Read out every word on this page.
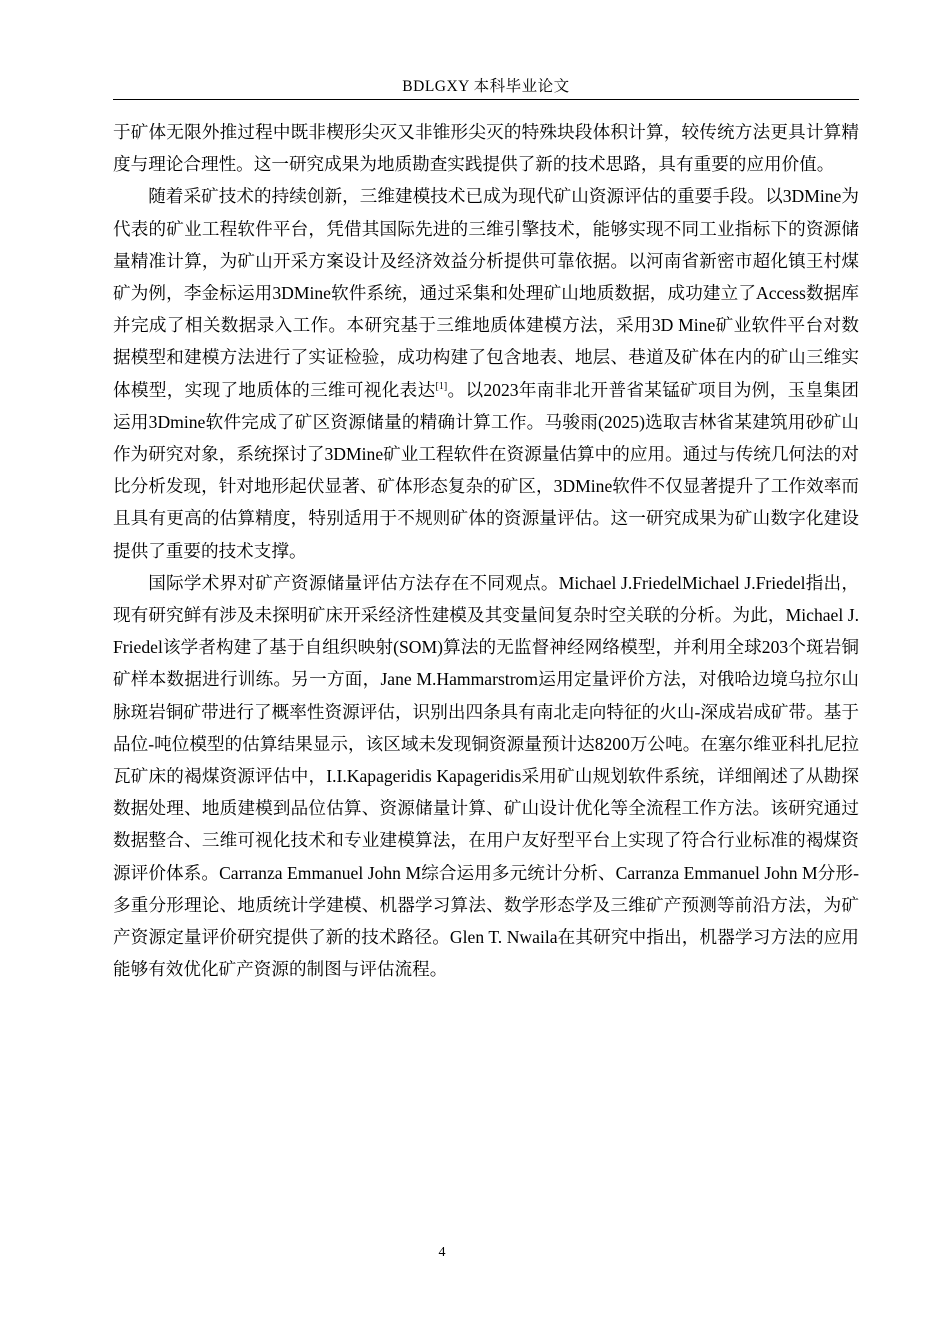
BDLGXY 本科毕业论文

于矿体无限外推过程中既非楔形尖灭又非锥形尖灭的特殊块段体积计算，较传统方法更具计算精度与理论合理性。这一研究成果为地质勘查实践提供了新的技术思路，具有重要的应用价值。

随着采矿技术的持续创新，三维建模技术已成为现代矿山资源评估的重要手段。以3DMine为代表的矿业工程软件平台，凭借其国际先进的三维引擎技术，能够实现不同工业指标下的资源储量精准计算，为矿山开采方案设计及经济效益分析提供可靠依据。以河南省新密市超化镇王村煤矿为例，李金标运用3DMine软件系统，通过采集和处理矿山地质数据，成功建立了Access数据库并完成了相关数据录入工作。本研究基于三维地质体建模方法，采用3D Mine矿业软件平台对数据模型和建模方法进行了实证检验，成功构建了包含地表、地层、巷道及矿体在内的矿山三维实体模型，实现了地质体的三维可视化表达[1]。以2023年南非北开普省某锰矿项目为例，玉皇集团运用3Dmine软件完成了矿区资源储量的精确计算工作。马骏雨(2025)选取吉林省某建筑用砂矿山作为研究对象，系统探讨了3DMine矿业工程软件在资源量估算中的应用。通过与传统几何法的对比分析发现，针对地形起伏显著、矿体形态复杂的矿区，3DMine软件不仅显著提升了工作效率而且具有更高的估算精度，特别适用于不规则矿体的资源量评估。这一研究成果为矿山数字化建设提供了重要的技术支撑。

国际学术界对矿产资源储量评估方法存在不同观点。Michael J.FriedelMichael J.Friedel指出，现有研究鲜有涉及未探明矿床开采经济性建模及其变量间复杂时空关联的分析。为此，Michael J.Friedel该学者构建了基于自组织映射(SOM)算法的无监督神经网络模型，并利用全球203个斑岩铜矿样本数据进行训练。另一方面，Jane M.Hammarstrom运用定量评价方法，对俄哈边境乌拉尔山脉斑岩铜矿带进行了概率性资源评估，识别出四条具有南北走向特征的火山-深成岩成矿带。基于品位-吨位模型的估算结果显示，该区域未发现铜资源量预计达8200万公吨。在塞尔维亚科扎尼拉瓦矿床的褐煤资源评估中，I.I.Kapageridis Kapageridis采用矿山规划软件系统，详细阐述了从勘探数据处理、地质建模到品位估算、资源储量计算、矿山设计优化等全流程工作方法。该研究通过数据整合、三维可视化技术和专业建模算法，在用户友好型平台上实现了符合行业标准的褐煤资源评价体系。Carranza Emmanuel John M综合运用多元统计分析、Carranza Emmanuel John M分形-多重分形理论、地质统计学建模、机器学习算法、数学形态学及三维矿产预测等前沿方法，为矿产资源定量评价研究提供了新的技术路径。Glen T. Nwaila在其研究中指出，机器学习方法的应用能够有效优化矿产资源的制图与评估流程。

4
